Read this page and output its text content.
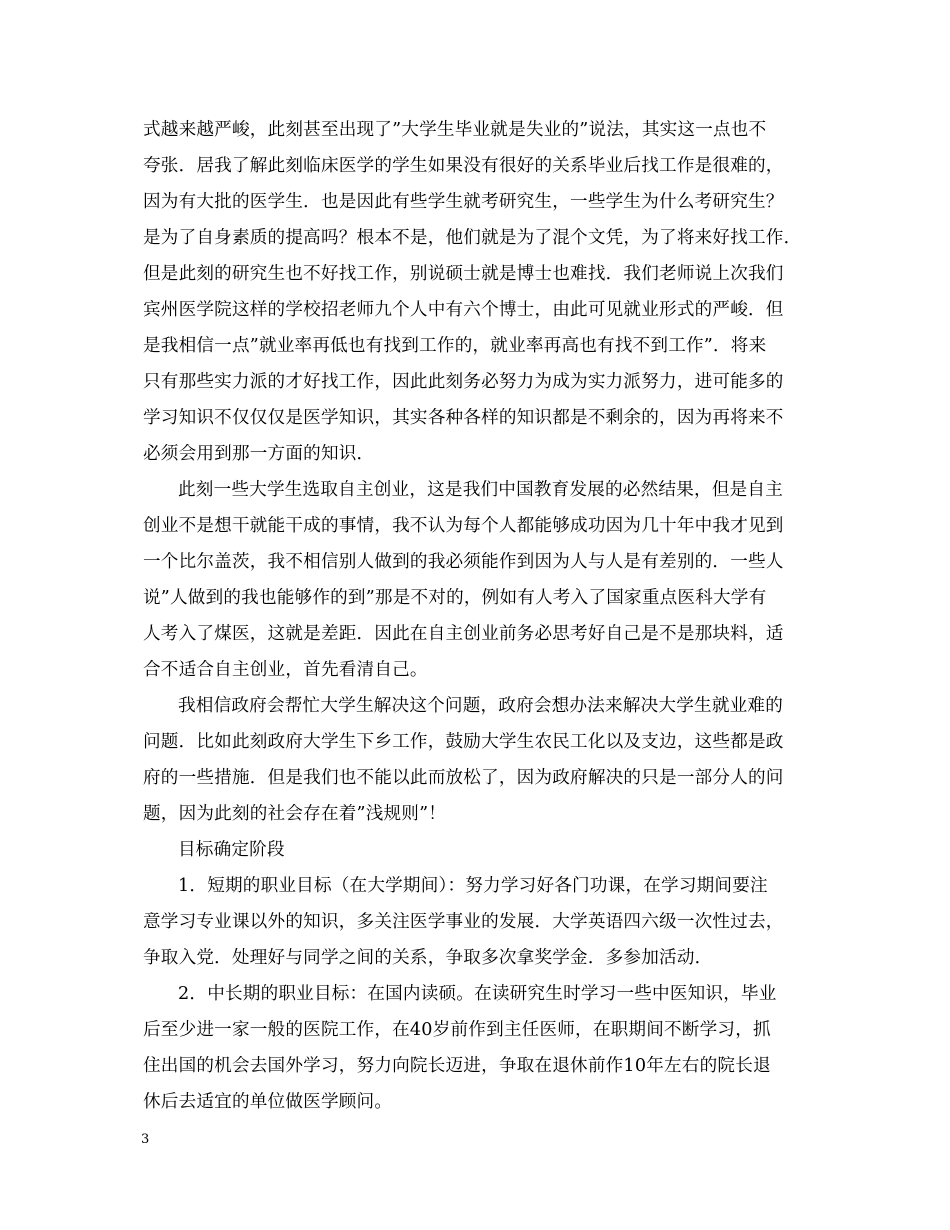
式越来越严峻，此刻甚至出现了”大学生毕业就是失业的”说法，其实这一点也不
夸张．居我了解此刻临床医学的学生如果没有很好的关系毕业后找工作是很难的，
因为有大批的医学生．也是因此有些学生就考研究生，一些学生为什么考研究生？
是为了自身素质的提高吗？根本不是，他们就是为了混个文凭，为了将来好找工作．
但是此刻的研究生也不好找工作，别说硕士就是博士也难找．我们老师说上次我们
宾州医学院这样的学校招老师九个人中有六个博士，由此可见就业形式的严峻．但
是我相信一点”就业率再低也有找到工作的，就业率再高也有找不到工作”．将来
只有那些实力派的才好找工作，因此此刻务必努力为成为实力派努力，进可能多的
学习知识不仅仅仅是医学知识，其实各种各样的知识都是不剩余的，因为再将来不
必须会用到那一方面的知识．
此刻一些大学生选取自主创业，这是我们中国教育发展的必然结果，但是自主
创业不是想干就能干成的事情，我不认为每个人都能够成功因为几十年中我才见到
一个比尔盖茨，我不相信别人做到的我必须能作到因为人与人是有差别的．一些人
说”人做到的我也能够作的到”那是不对的，例如有人考入了国家重点医科大学有
人考入了煤医，这就是差距．因此在自主创业前务必思考好自己是不是那块料，适
合不适合自主创业，首先看清自己。
我相信政府会帮忙大学生解决这个问题，政府会想办法来解决大学生就业难的
问题．比如此刻政府大学生下乡工作，鼓励大学生农民工化以及支边，这些都是政
府的一些措施．但是我们也不能以此而放松了，因为政府解决的只是一部分人的问
题，因为此刻的社会存在着”浅规则”！
目标确定阶段
1．短期的职业目标（在大学期间）：努力学习好各门功课，在学习期间要注
意学习专业课以外的知识，多关注医学事业的发展．大学英语四六级一次性过去，
争取入党．处理好与同学之间的关系，争取多次拿奖学金．多参加活动．
2．中长期的职业目标：在国内读硕。在读研究生时学习一些中医知识，毕业
后至少进一家一般的医院工作，在40岁前作到主任医师，在职期间不断学习，抓
住出国的机会去国外学习，努力向院长迈进，争取在退休前作10年左右的院长退
休后去适宜的单位做医学顾问。
3
